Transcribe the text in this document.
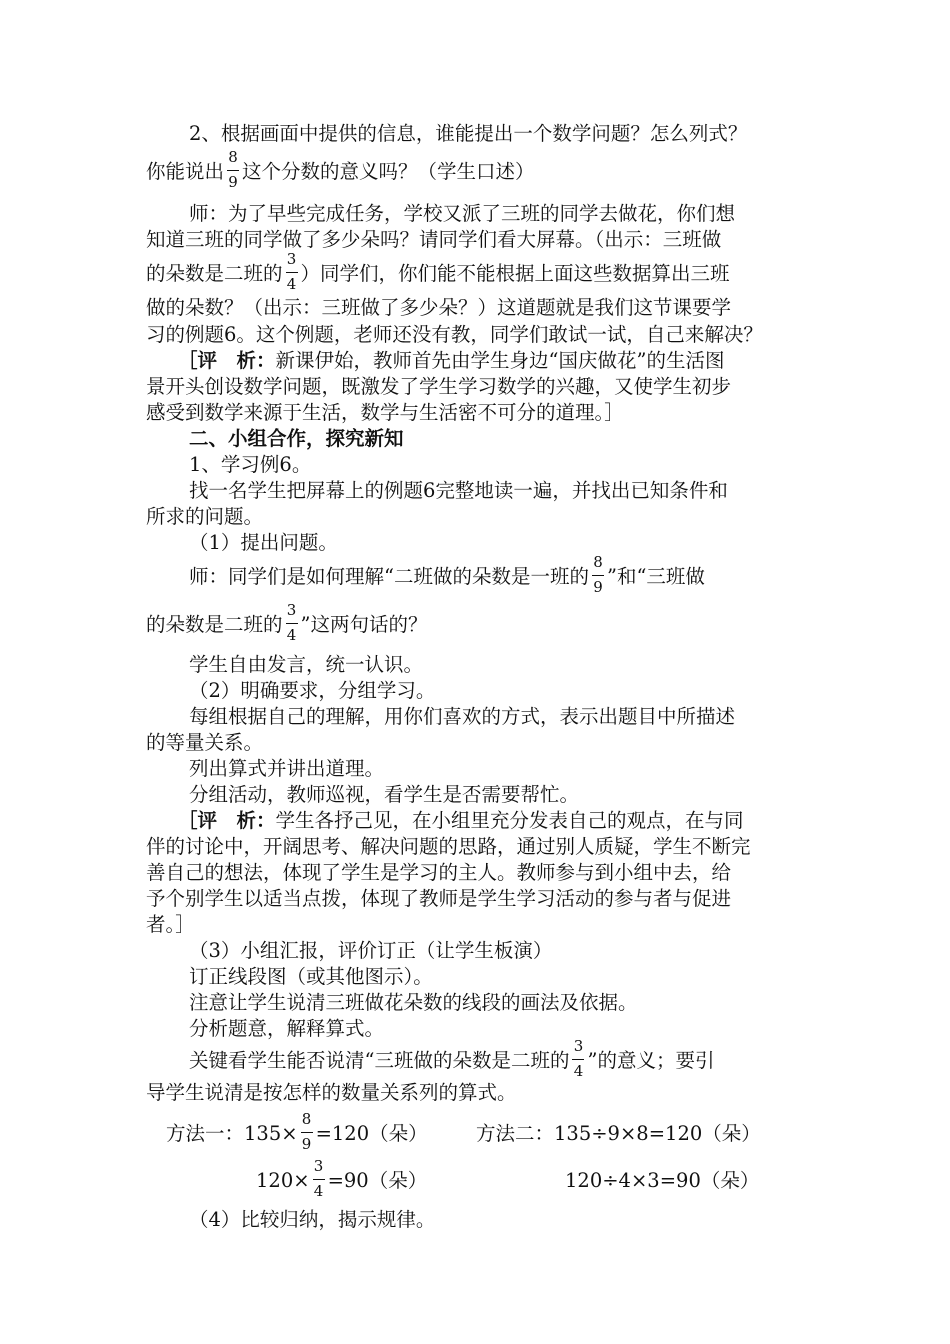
2、根据画面中提供的信息，谁能提出一个数学问题？怎么列式？
你能说出 $\frac{8}{9}$ 这个分数的意义吗？（学生口述）
师：为了早些完成任务，学校又派了三班的同学去做花，你们想
知道三班的同学做了多少朵吗？请同学们看大屏幕。（出示：三班做
的朵数是二班的 $\frac{3}{4}$ ）同学们，你们能不能根据上面这些数据算出三班
做的朵数？（出示：三班做了多少朵？）这道题就是我们这节课要学
习的例题6。这个例题，老师还没有教，同学们敢试一试，自己来解决？
［评　析：新课伊始，教师首先由学生身边“国庆做花”的生活图
景开头创设数学问题，既激发了学生学习数学的兴趣，又使学生初步
感受到数学来源于生活，数学与生活密不可分的道理。］
二、小组合作，探究新知
1、学习例6。
找一名学生把屏幕上的例题6完整地读一遍，并找出已知条件和
所求的问题。
（1）提出问题。
师：同学们是如何理解“二班做的朵数是一班的 $\frac{8}{9}$ ”和“三班做
的朵数是二班的 $\frac{3}{4}$ ”这两句话的？
学生自由发言，统一认识。
（2）明确要求，分组学习。
每组根据自己的理解，用你们喜欢的方式，表示出题目中所描述
的等量关系。
列出算式并讲出道理。
分组活动，教师巡视，看学生是否需要帮忙。
［评　析：学生各抒己见，在小组里充分发表自己的观点，在与同
伴的讨论中，开阔思考、解决问题的思路，通过别人质疑，学生不断完
善自己的想法，体现了学生是学习的主人。教师参与到小组中去，给
予个别学生以适当点拨，体现了教师是学生学习活动的参与者与促进
者。］
（3）小组汇报，评价订正（让学生板演）
订正线段图（或其他图示）。
注意让学生说清三班做花朵数的线段的画法及依据。
分析题意，解释算式。
关键看学生能否说清“三班做的朵数是二班的 $\frac{3}{4}$ ”的意义；要引
导学生说清是按怎样的数量关系列的算式。
方法一：$135\times \frac{8}{9} =120$（朵） 方法二：135÷9×8=120（朵）
$120\times \frac{3}{4} =90$（朵）	120÷4×3=90（朵）
（4）比较归纳，揭示规律。
